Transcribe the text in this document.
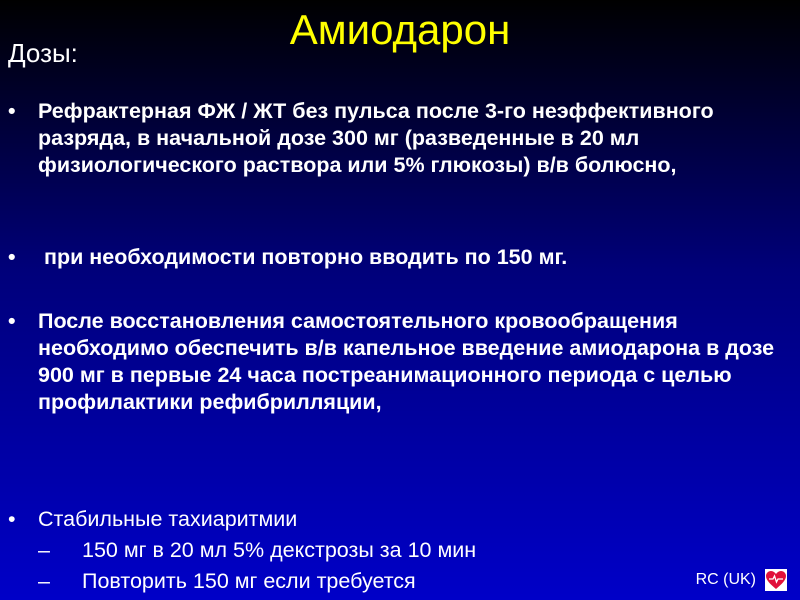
Амиодарон
Дозы:
•	Рефрактерная ФЖ / ЖТ без пульса после 3-го неэффективного разряда, в начальной дозе 300 мг (разведенные в 20 мл физиологического раствора или 5% глюкозы) в/в болюсно,
•	при необходимости повторно вводить по 150 мг.
•	После восстановления самостоятельного кровообращения необходимо обеспечить в/в капельное введение амиодарона в дозе 900 мг в первые 24 часа постреанимационного периода с целью профилактики рефибрилляции,
•	Стабильные тахиаритмии
–	150 мг в 20 мл 5% декстрозы за 10 мин
–	Повторить 150 мг если требуется	RC (UK)
